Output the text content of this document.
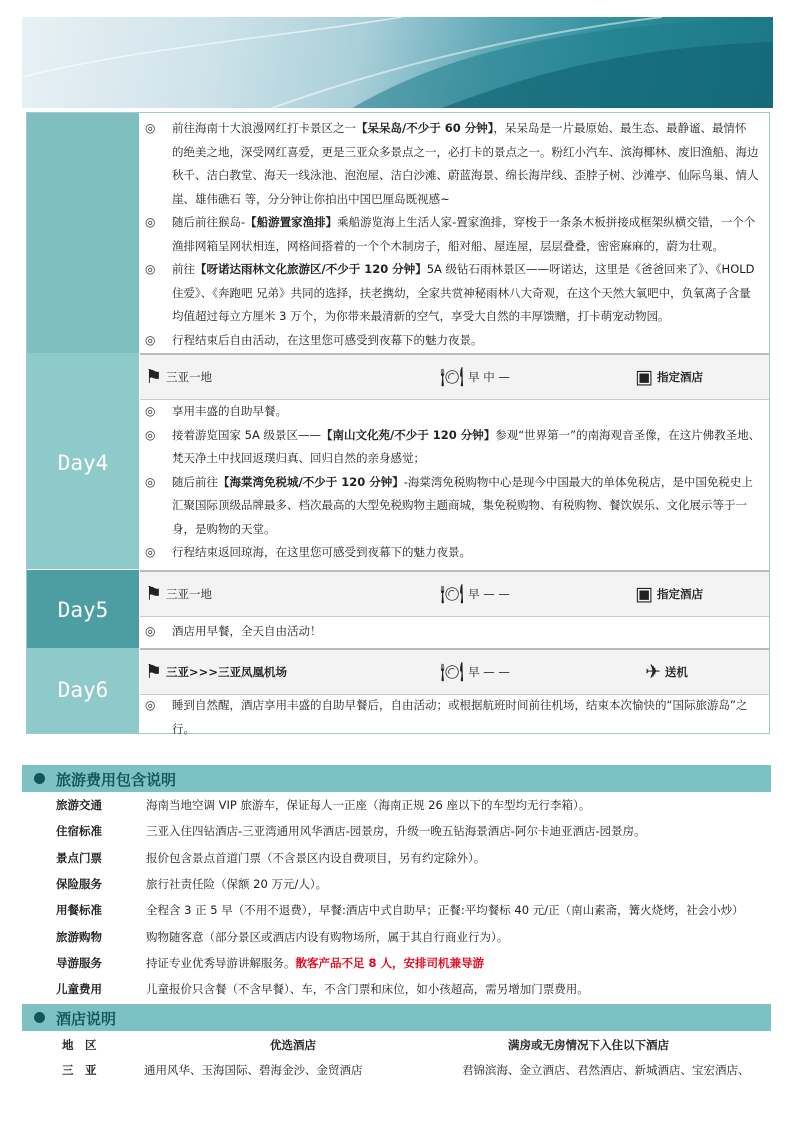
◎	前往海南十大浪漫网红打卡景区之一【呆呆岛/不少于 60 分钟】，呆呆岛是一片最原始、最生态、最静谧、最情怀 的绝美之地，深受网红喜爱，更是三亚众多景点之一，必打卡的景点之一。粉红小汽车、滨海椰林、废旧渔船、海边秋千、洁白教堂、海天一线泳池、泡泡屋、洁白沙滩、蔚蓝海景、绵长海岸线、歪脖子树、沙滩亭、仙际鸟巢、情人崖、雄伟礁石 等，分分钟让你拍出中国巴厘岛既视感~
◎	随后前往猴岛-【船游置家渔排】乘船游览海上生活人家-置家渔排，穿梭于一条条木板拼接成框架纵横交错，一个个渔排网箱呈网状相连，网格间搭着的一个个木制房子，船对船、屋连屋，层层叠叠，密密麻麻的，蔚为壮观。
◎	前往【呀诺达雨林文化旅游区/不少于 120 分钟】5A 级钻石雨林景区——呀诺达，这里是《爸爸回来了》、《HOLD 住爱》、《奔跑吧 兄弟》共同的选择，扶老携幼，全家共赏神秘雨林八大奇观，在这个天然大氧吧中，负氧离子含量均值超过每立方厘米 3 万个，为你带来最清新的空气，享受大自然的丰厚馈赠，打卡萌宠动物园。
◎	行程结束后自由活动，在这里您可感受到夜幕下的魅力夜景。
Day4
⚑ 三亚一地	🍽 早 中 —	▣ 指定酒店
◎	享用丰盛的自助早餐。
◎	接着游览国家 5A 级景区——【南山文化苑/不少于 120 分钟】参观“世界第一”的南海观音圣像，在这片佛教圣地、梵天净土中找回返璞归真、回归自然的亲身感觉；
◎	随后前往【海棠湾免税城/不少于 120 分钟】-海棠湾免税购物中心是现今中国最大的单体免税店，是中国免税史上汇聚国际顶级品牌最多、档次最高的大型免税购物主题商城，集免税购物、有税购物、餐饮娱乐、文化展示等于一身，是购物的天堂。
◎	行程结束返回琼海，在这里您可感受到夜幕下的魅力夜景。
Day5
⚑ 三亚一地	🍽 早 — —	▣ 指定酒店
◎	酒店用早餐，全天自由活动！
Day6
⚑ 三亚>>>三亚凤凰机场	🍽 早 — —	✈ 送机
◎	睡到自然醒，酒店享用丰盛的自助早餐后，自由活动；或根据航班时间前往机场，结束本次愉快的“国际旅游岛”之行。
旅游费用包含说明
旅游交通	海南当地空调 VIP 旅游车，保证每人一正座（海南正规 26 座以下的车型均无行李箱）。
住宿标准	三亚入住四钻酒店-三亚湾通用风华酒店-园景房，升级一晚五钻海景酒店-阿尔卡迪亚酒店-园景房。
景点门票	报价包含景点首道门票（不含景区内设自费项目，另有约定除外）。
保险服务	旅行社责任险（保额 20 万元/人）。
用餐标准	全程含 3 正 5 早（不用不退费），早餐:酒店中式自助早；正餐:平均餐标 40 元/正（南山素斋，篝火烧烤，社会小炒）
旅游购物	购物随客意（部分景区或酒店内设有购物场所，属于其自行商业行为）。
导游服务	持证专业优秀导游讲解服务。散客产品不足 8 人，安排司机兼导游
儿童费用	儿童报价只含餐（不含早餐）、车，不含门票和床位，如小孩超高，需另增加门票费用。
酒店说明
地　区	优选酒店	满房或无房情况下入住以下酒店
三　亚	通用风华、玉海国际、碧海金沙、金贸酒店	君锦滨海、金立酒店、君然酒店、新城酒店、宝宏酒店、
